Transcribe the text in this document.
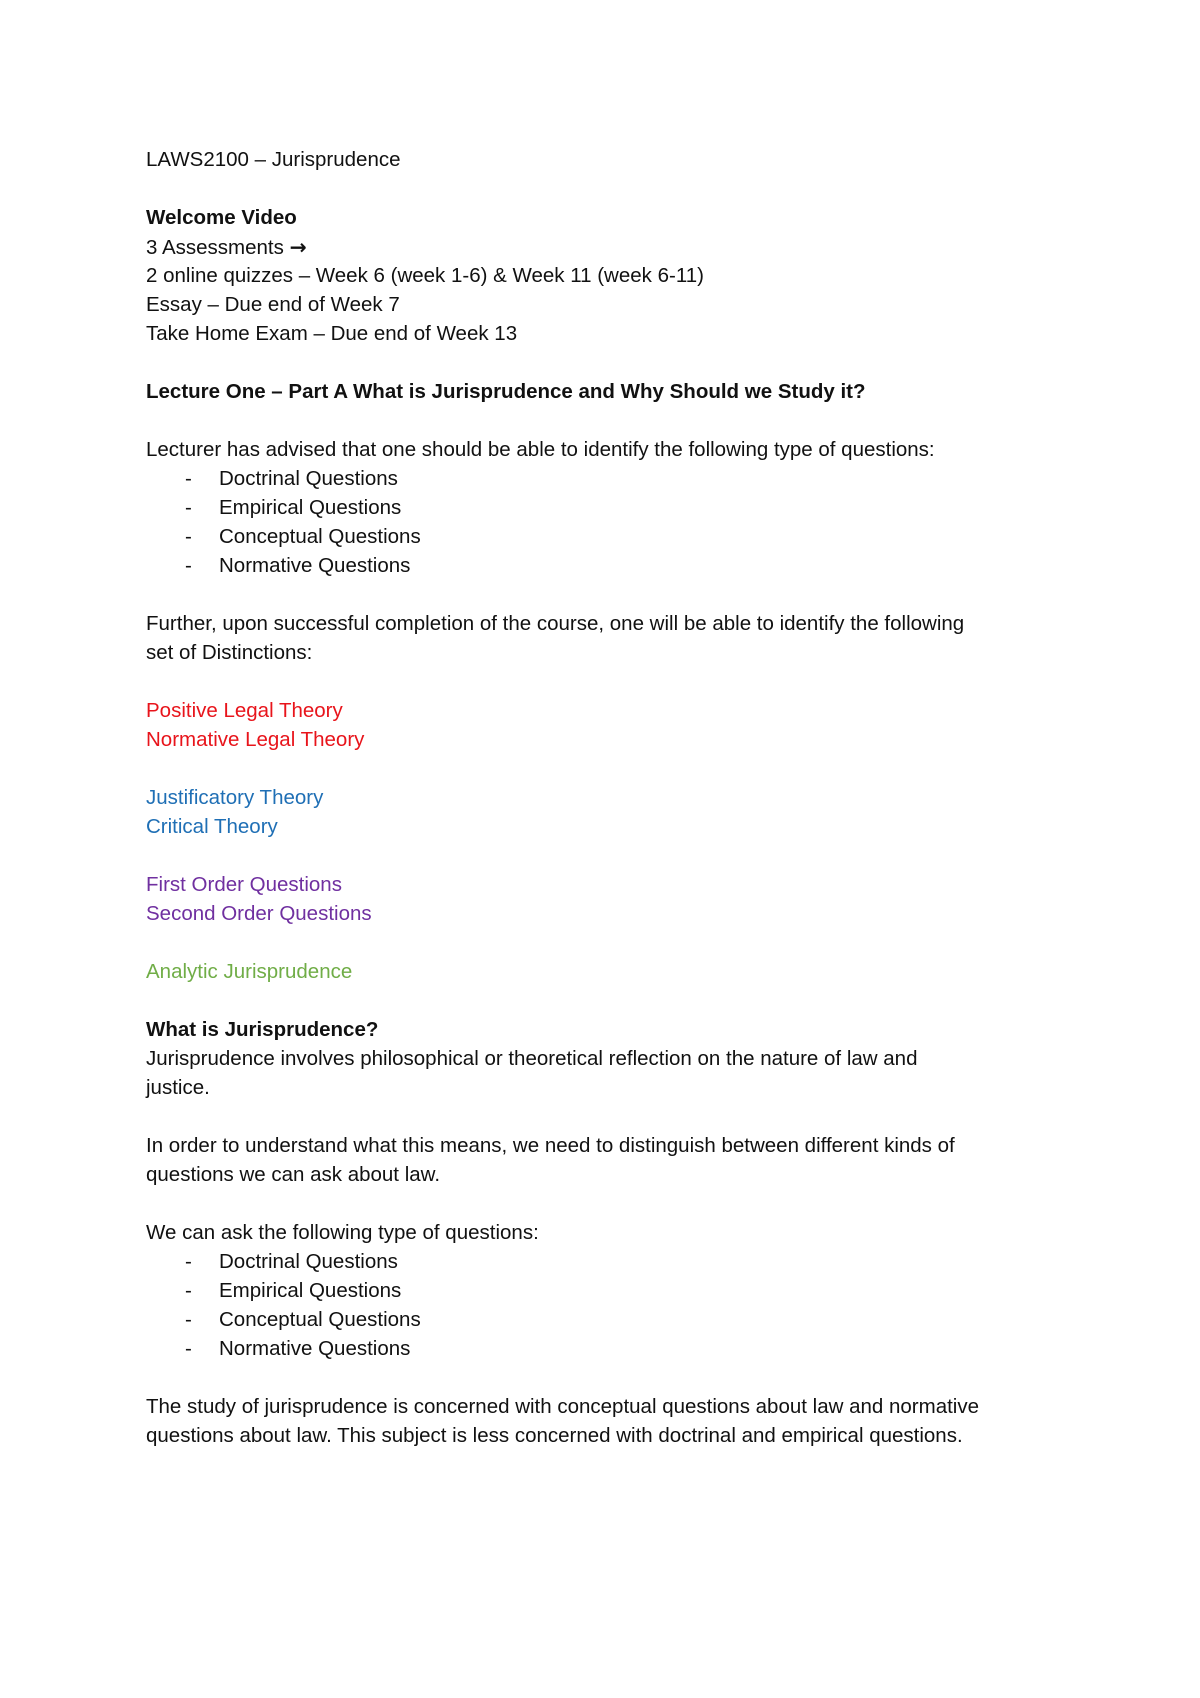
LAWS2100 – Jurisprudence
Welcome Video
3 Assessments →
2 online quizzes – Week 6 (week 1-6) & Week 11 (week 6-11)
Essay – Due end of Week 7
Take Home Exam – Due end of Week 13
Lecture One – Part A What is Jurisprudence and Why Should we Study it?
Lecturer has advised that one should be able to identify the following type of questions:
- Doctrinal Questions
- Empirical Questions
- Conceptual Questions
- Normative Questions
Further, upon successful completion of the course, one will be able to identify the following
set of Distinctions:
Positive Legal Theory
Normative Legal Theory
Justificatory Theory
Critical Theory
First Order Questions
Second Order Questions
Analytic Jurisprudence
What is Jurisprudence?
Jurisprudence involves philosophical or theoretical reflection on the nature of law and
justice.
In order to understand what this means, we need to distinguish between different kinds of
questions we can ask about law.
We can ask the following type of questions:
- Doctrinal Questions
- Empirical Questions
- Conceptual Questions
- Normative Questions
The study of jurisprudence is concerned with conceptual questions about law and normative
questions about law. This subject is less concerned with doctrinal and empirical questions.
